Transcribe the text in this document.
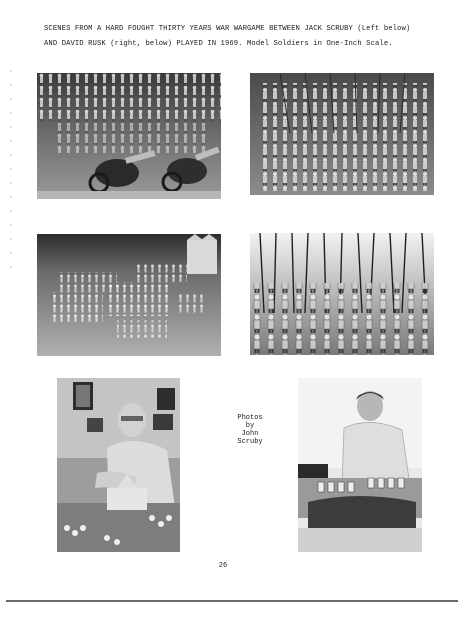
SCENES FROM A HARD FOUGHT THIRTY YEARS WAR WARGAME BETWEEN JACK SCRUBY (Left below)
AND DAVID RUSK (right, below) PLAYED IN 1969. Model Soldiers in One-Inch Scale.
Photos
by
John
Scruby
26
